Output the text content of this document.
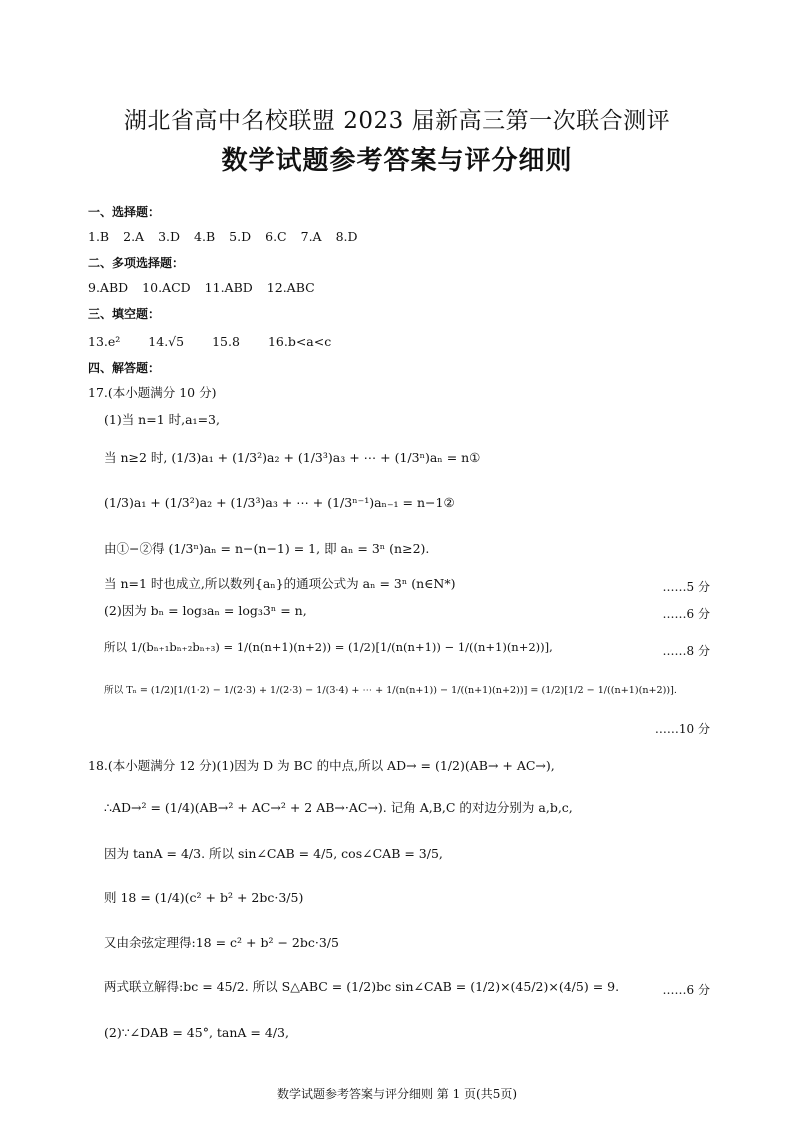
湖北省高中名校联盟 2023 届新高三第一次联合测评
数学试题参考答案与评分细则
一、选择题：
1.B 2.A 3.D 4.B 5.D 6.C 7.A 8.D
二、多项选择题：
9.ABD 10.ACD 11.ABD 12.ABC
三、填空题：
13.e² 14.√5 15.8 16.b<a<c
四、解答题：
17.(本小题满分 10 分)
(1)当 n=1 时,a₁=3,
当 n≥2 时, (1/3)a₁ + (1/3²)a₂ + (1/3³)a₃ + ⋯ + (1/3ⁿ)aₙ = n①
(1/3)a₁ + (1/3²)a₂ + (1/3³)a₃ + ⋯ + (1/3ⁿ⁻¹)aₙ₋₁ = n−1②
由①−②得 (1/3ⁿ)aₙ = n−(n−1) = 1, 即 aₙ = 3ⁿ (n≥2).
当 n=1 时也成立,所以数列{aₙ}的通项公式为 aₙ = 3ⁿ (n∈N*)	……5 分
(2)因为 bₙ = log₃aₙ = log₃3ⁿ = n,	……6 分
所以 1/(bₙ₊₁bₙ₊₂bₙ₊₃) = 1/(n(n+1)(n+2)) = (1/2)[1/(n(n+1)) − 1/((n+1)(n+2))],	……8 分
所以 Tₙ = (1/2)[1/(1·2) − 1/(2·3) + 1/(2·3) − 1/(3·4) + ⋯ + 1/(n(n+1)) − 1/((n+1)(n+2))] = (1/2)[1/2 − 1/((n+1)(n+2))].
……10 分
18.(本小题满分 12 分)(1)因为 D 为 BC 的中点,所以 AD→ = (1/2)(AB→ + AC→),
∴AD→² = (1/4)(AB→² + AC→² + 2 AB→·AC→). 记角 A,B,C 的对边分别为 a,b,c,
因为 tanA = 4/3. 所以 sin∠CAB = 4/5, cos∠CAB = 3/5,
则 18 = (1/4)(c² + b² + 2bc·3/5)
又由余弦定理得:18 = c² + b² − 2bc·3/5
两式联立解得:bc = 45/2. 所以 S△ABC = (1/2)bc sin∠CAB = (1/2)×(45/2)×(4/5) = 9.	……6 分
(2)∵∠DAB = 45°, tanA = 4/3,
数学试题参考答案与评分细则 第 1 页(共5页)
